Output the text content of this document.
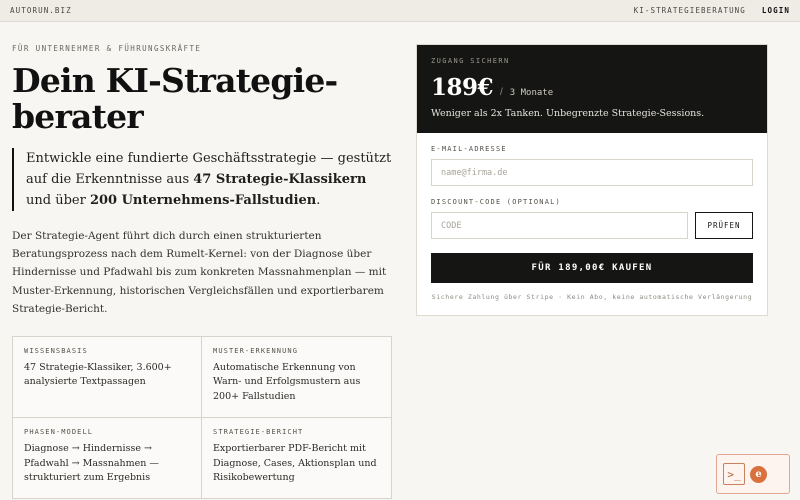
AUTORUN.BIZ	KI-STRATEGIEBERATUNG LOGIN
FÜR UNTERNEHMER & FÜHRUNGSKRÄFTE
Dein KI-Strategie-berater
Entwickle eine fundierte Geschäftsstrategie — gestützt auf die Erkenntnisse aus 47 Strategie-Klassikern und über 200 Unternehmens-Fallstudien.
Der Strategie-Agent führt dich durch einen strukturierten Beratungsprozess nach dem Rumelt-Kernel: von der Diagnose über Hindernisse und Pfadwahl bis zum konkreten Massnahmenplan — mit Muster-Erkennung, historischen Vergleichsfällen und exportierbarem Strategie-Bericht.
WISSENSBASIS
47 Strategie-Klassiker, 3.600+ analysierte Textpassagen
MUSTER-ERKENNUNG
Automatische Erkennung von Warn- und Erfolgsmustern aus 200+ Fallstudien
PHASEN-MODELL
Diagnose → Hindernisse → Pfadwahl → Massnahmen — strukturiert zum Ergebnis
STRATEGIE-BERICHT
Exportierbarer PDF-Bericht mit Diagnose, Cases, Aktionsplan und Risikobewertung
ZUGANG SICHERN
189€ / 3 Monate
Weniger als 2x Tanken. Unbegrenzte Strategie-Sessions.
E-MAIL-ADRESSE
name@firma.de
DISCOUNT-CODE (OPTIONAL)
CODE
PRÜFEN
FÜR 189,00€ KAUFEN
Sichere Zahlung über Stripe · Kein Abo, keine automatische Verlängerung
>_	e
